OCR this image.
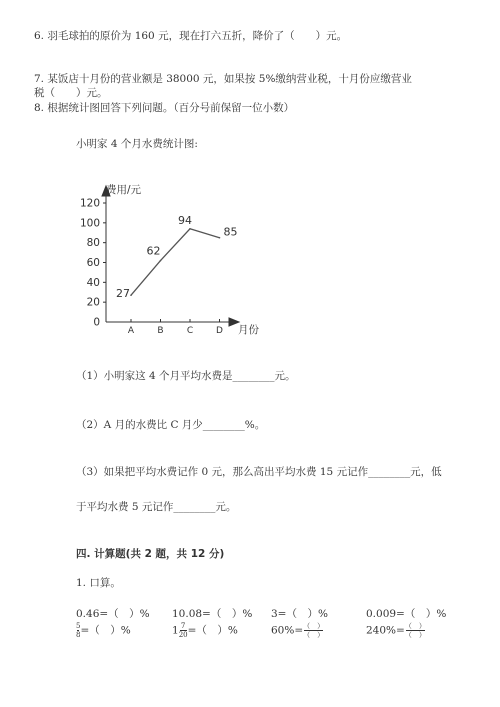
6. 羽毛球拍的原价为 160 元，现在打六五折，降价了（　　）元。
7. 某饭店十月份的营业额是 38000 元，如果按 5%缴纳营业税，十月份应缴营业
税（　　）元。
8. 根据统计图回答下列问题。（百分号前保留一位小数）
小明家 4 个月水费统计图:
费用/元
月份
0
20
40
60
80
100
120
A	B	C	D
27
62
94
85
（1）小明家这 4 个月平均水费是________元。
（2）A 月的水费比 C 月少________%。
（3）如果把平均水费记作 0 元，那么高出平均水费 15 元记作________元，低
于平均水费 5 元记作________元。
四. 计算题(共 2 题，共 12 分)
1. 口算。
0.46=（　）% 10.08=（　）% 3=（　）%	0.009=（　）%
$\frac{5}{8}=$（　）%	$1\frac{7}{20}=$（　）%	$60\%=\frac{( )}{( )}$	$240\%=\frac{( )}{( )}$
